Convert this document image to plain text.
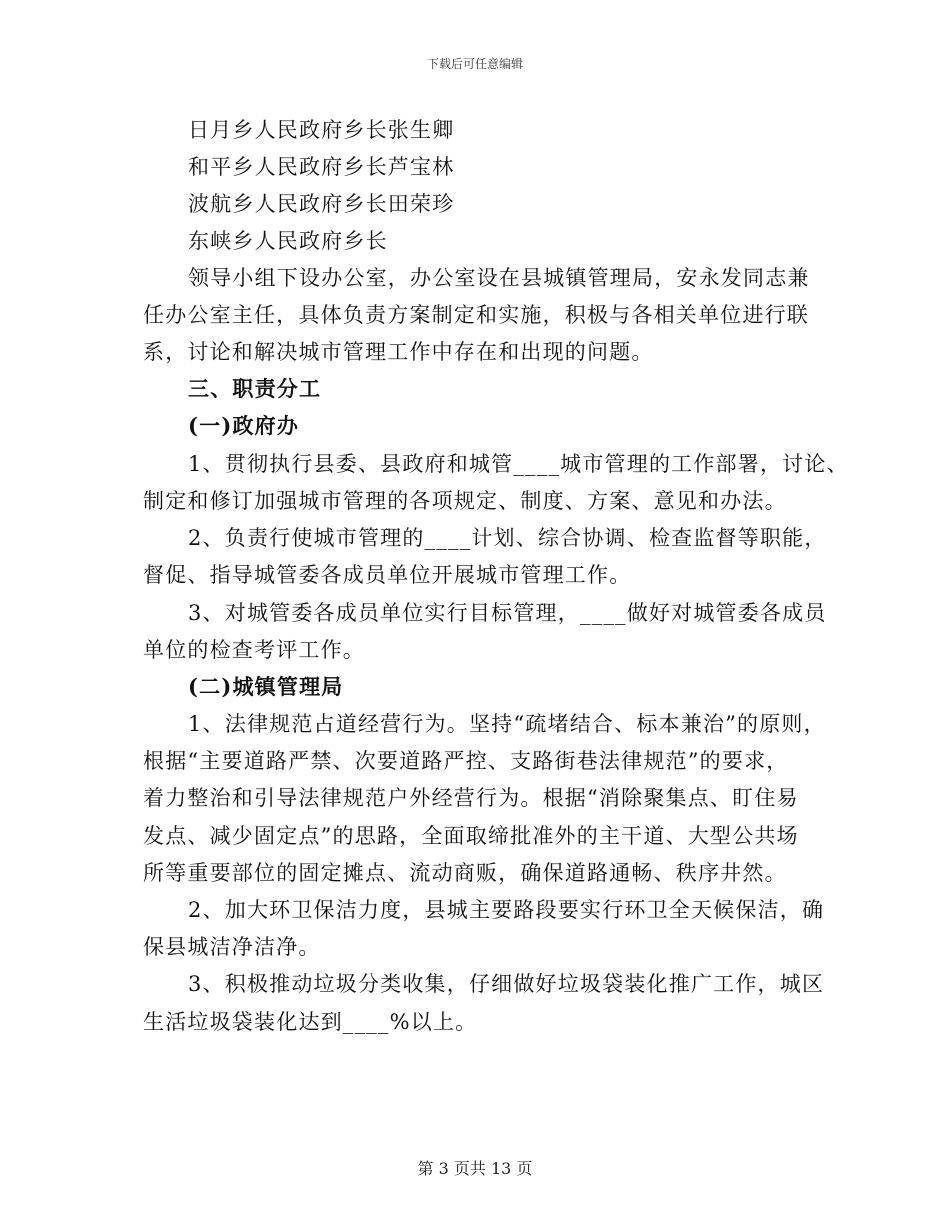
下载后可任意编辑
日月乡人民政府乡长张生卿
和平乡人民政府乡长芦宝林
波航乡人民政府乡长田荣珍
东峡乡人民政府乡长
领导小组下设办公室，办公室设在县城镇管理局，安永发同志兼
任办公室主任，具体负责方案制定和实施，积极与各相关单位进行联
系，讨论和解决城市管理工作中存在和出现的问题。
三、职责分工
(一)政府办
1、贯彻执行县委、县政府和城管____城市管理的工作部署，讨论、
制定和修订加强城市管理的各项规定、制度、方案、意见和办法。
2、负责行使城市管理的____计划、综合协调、检查监督等职能，
督促、指导城管委各成员单位开展城市管理工作。
3、对城管委各成员单位实行目标管理，____做好对城管委各成员
单位的检查考评工作。
(二)城镇管理局
1、法律规范占道经营行为。坚持“疏堵结合、标本兼治”的原则，
根据“主要道路严禁、次要道路严控、支路街巷法律规范”的要求，
着力整治和引导法律规范户外经营行为。根据“消除聚集点、盯住易
发点、减少固定点”的思路，全面取缔批准外的主干道、大型公共场
所等重要部位的固定摊点、流动商贩，确保道路通畅、秩序井然。
2、加大环卫保洁力度，县城主要路段要实行环卫全天候保洁，确
保县城洁净洁净。
3、积极推动垃圾分类收集，仔细做好垃圾袋装化推广工作，城区
生活垃圾袋装化达到____%以上。
第 3 页共 13 页
